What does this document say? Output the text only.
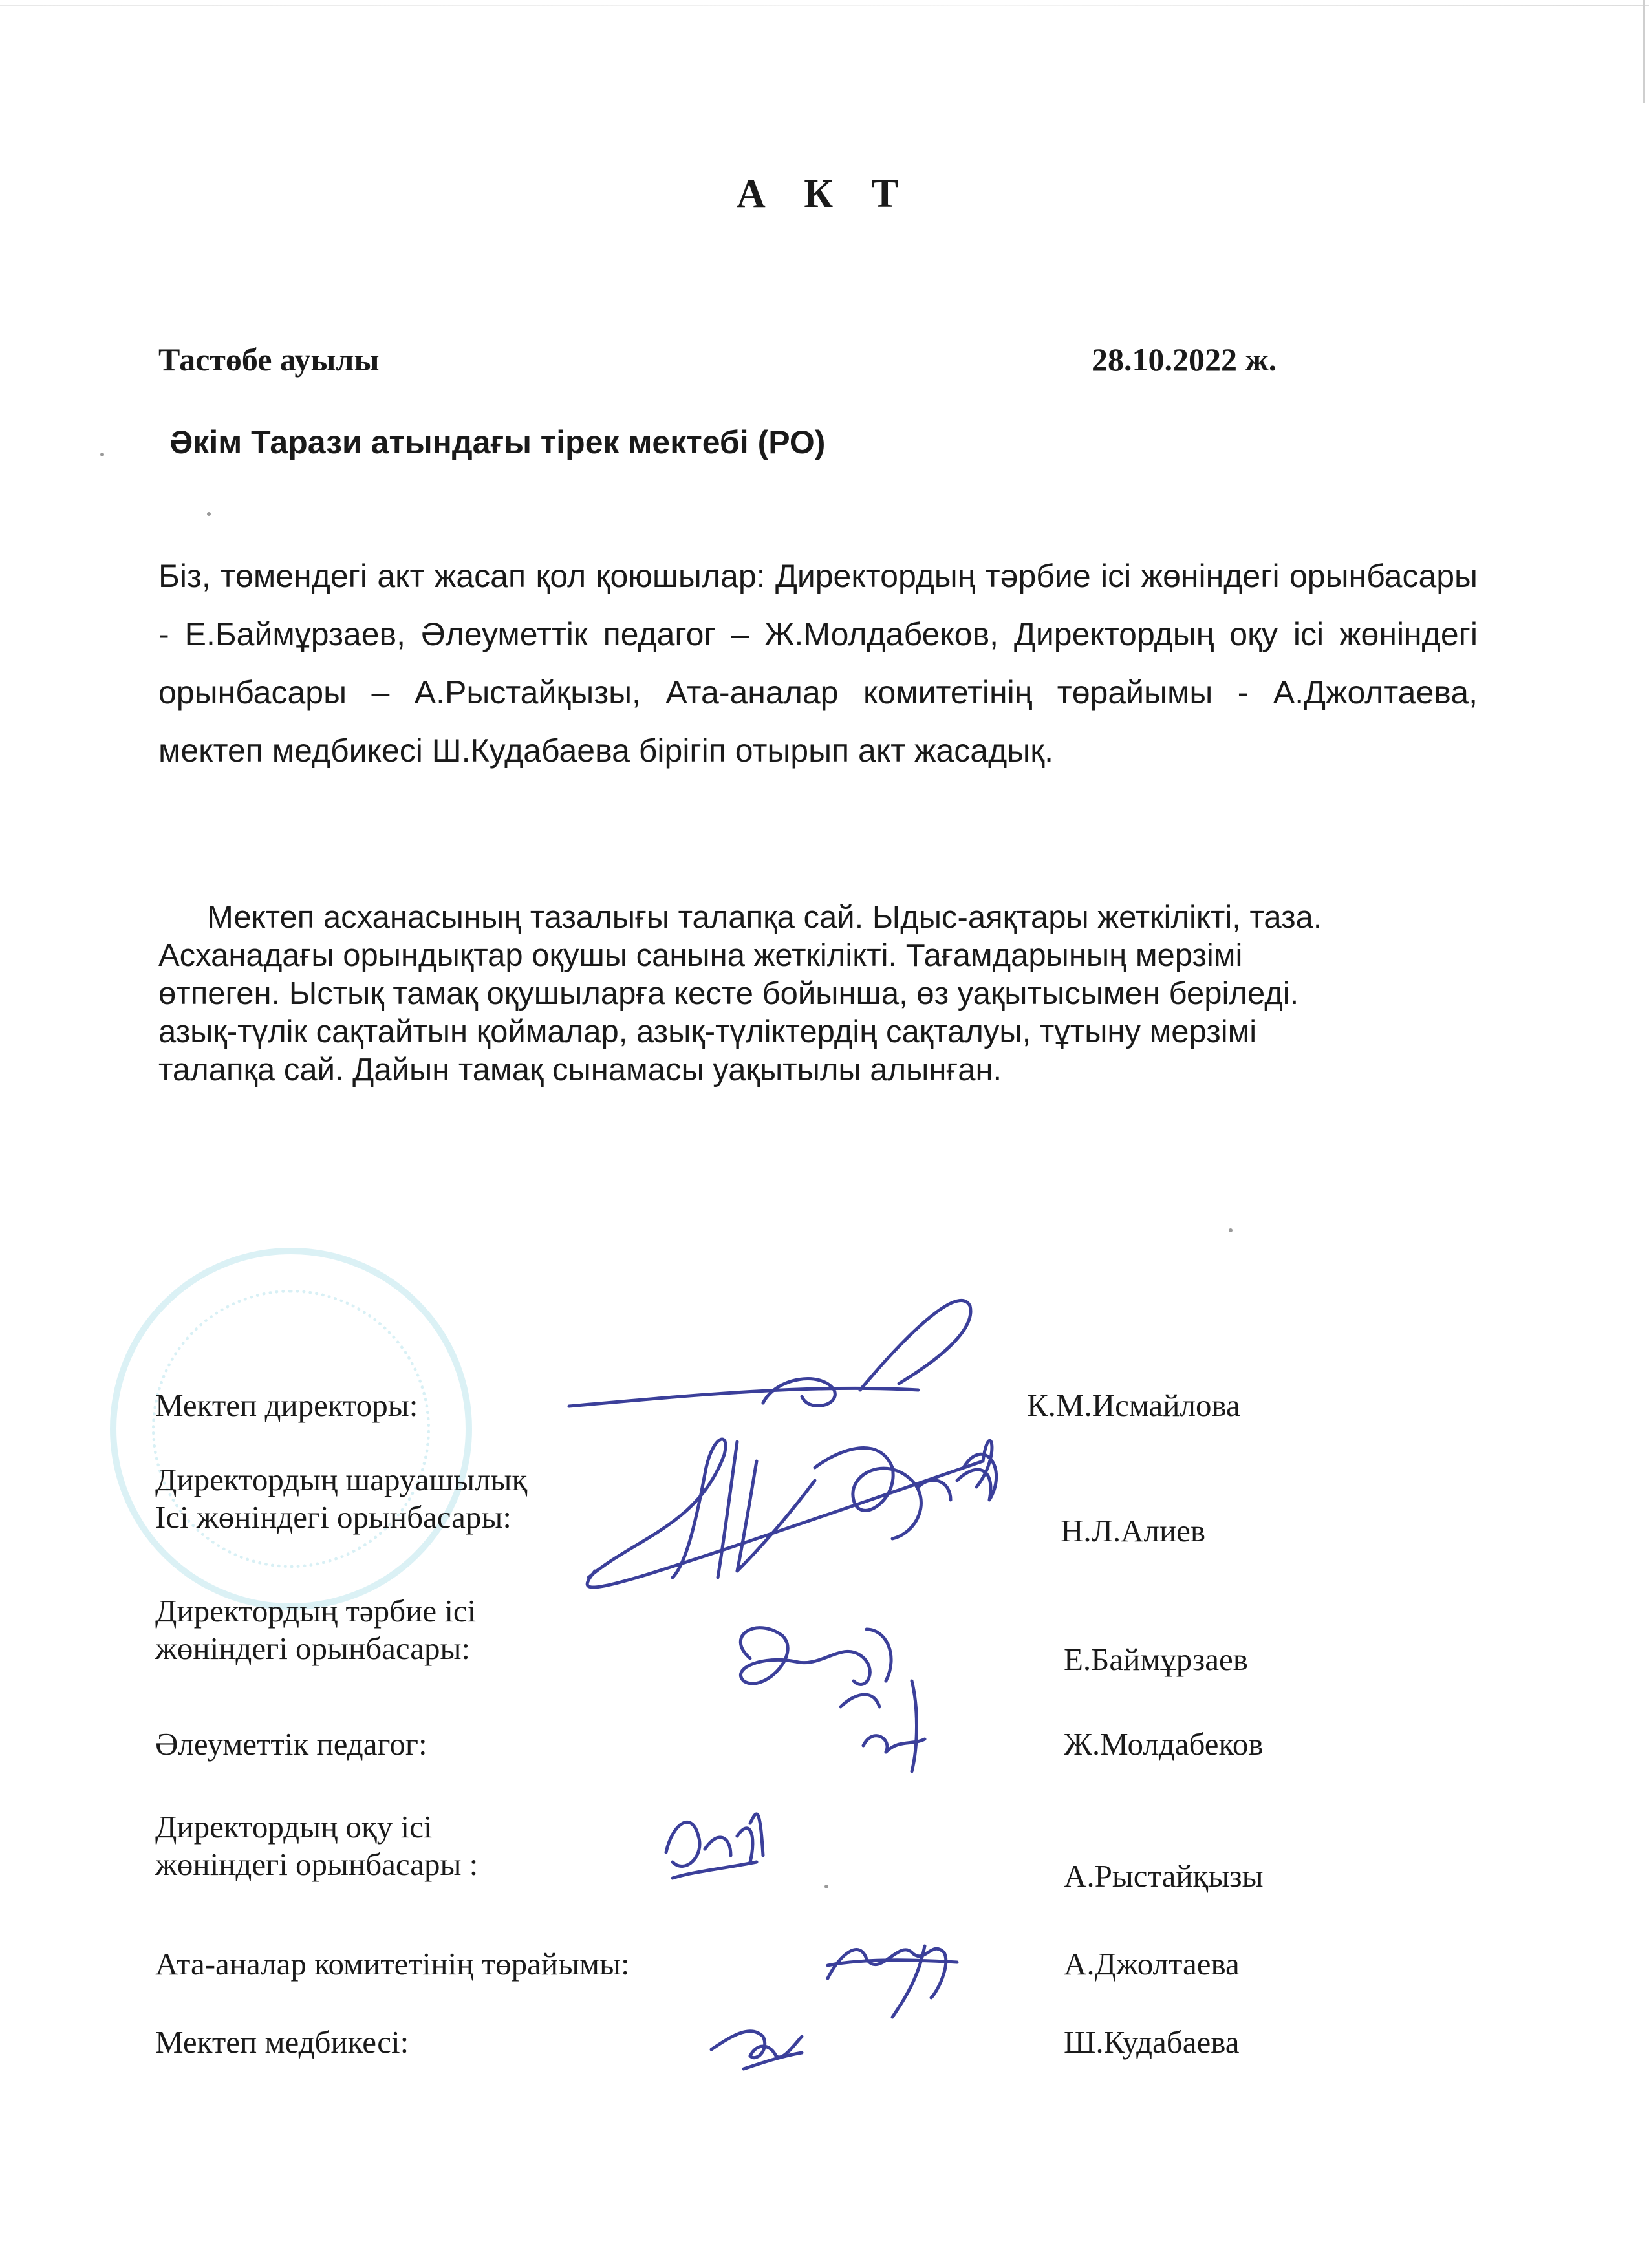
А К Т
Тастөбе ауылы	28.10.2022 ж.
Әкім Тарази атындағы тірек мектебі (РО)

Біз, төмендегі акт жасап қол қоюшылар: Директордың тәрбие ісі жөніндегі орынбасары - Е.Баймұрзаев, Әлеуметтік педагог – Ж.Молдабеков, Директордың оқу ісі жөніндегі орынбасары – А.Рыстайқызы, Ата-аналар комитетінің төрайымы - А.Джолтаева, мектеп медбикесі Ш.Кудабаева бірігіп отырып акт жасадық.

Мектеп асханасының тазалығы талапқа сай. Ыдыс-аяқтары жеткілікті, таза.
Асханадағы орындықтар оқушы санына жеткілікті. Тағамдарының мерзімі
өтпеген. Ыстық тамақ оқушыларға кесте бойынша, өз уақытысымен беріледі.
азық-түлік сақтайтын қоймалар, азық-түліктердің сақталуы, тұтыну мерзімі
талапқа сай. Дайын тамақ сынамасы уақытылы алынған.

Мектеп директоры:	К.М.Исмайлова

Директордың шаруашылық
Ісі жөніндегі орынбасары:	Н.Л.Алиев

Директордың тәрбие ісі
жөніндегі орынбасары:	Е.Баймұрзаев

Әлеуметтік педагог:	Ж.Молдабеков

Директордың оқу ісі
жөніндегі орынбасары :	А.Рыстайқызы

Ата-аналар комитетінің төрайымы:	А.Джолтаева

Мектеп медбикесі:	Ш.Кудабаева
